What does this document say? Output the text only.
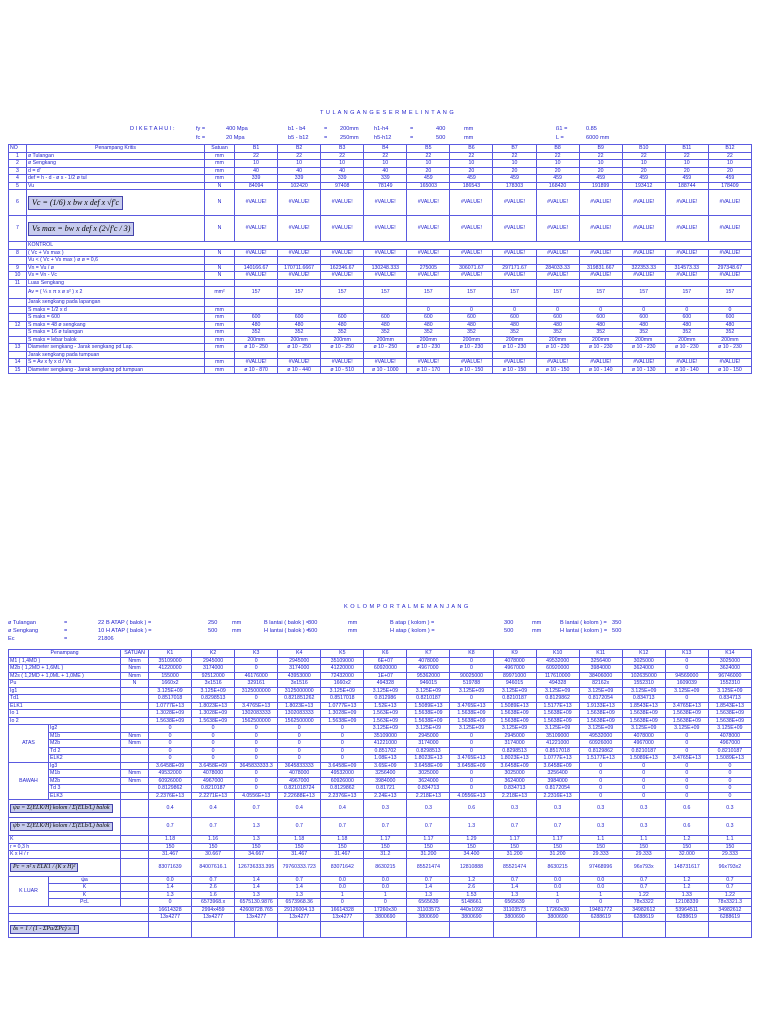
T U L A N G A N G E S E R M E L I N T A N G
D I K E T A H U I :	fy =	400 Mpa	b1 - b4	= 200mm	h1-h4	=	400	mm	ß1 =	0.85
fc =	20 Mpa	b5 - b12	= 250mm	h5-h12	=	500	mm	L =	6000 mm
NO	Penampang Kritis	Satuan	B1	B2	B3	B4	B5	B6	B7	B8	B9	B10	B11	B12
1	ø Tulangan	mm	22	22	22	22	22	22	22	22	22	22	22	22
2	ø Sengkang	mm	10	10	10	10	10	10	10	10	10	10	10	10
3	d = d'	mm	40	40	40	40	20	20	20	20	20	20	20	20
4	def = h - d - ø s - 1/2 ø tul	mm	339	339	339	339	459	459	459	459	459	459	459	459
5	Vu	N	84094	102420	97408	78149	165003	186543	178303	168420	191899	193412	188744	178409
6	Vc = (1/6) x bw x def x √f'c	N	#VALUE!	#VALUE!	#VALUE!	#VALUE!	#VALUE!	#VALUE!	#VALUE!	#VALUE!	#VALUE!	#VALUE!	#VALUE!	#VALUE!
7	Vs max = bw x def x (2√f'c / 3)	N	#VALUE!	#VALUE!	#VALUE!	#VALUE!	#VALUE!	#VALUE!	#VALUE!	#VALUE!	#VALUE!	#VALUE!	#VALUE!	#VALUE!
	KONTROL													
8	( Vc + Vs max )	N	#VALUE!	#VALUE!	#VALUE!	#VALUE!	#VALUE!	#VALUE!	#VALUE!	#VALUE!	#VALUE!	#VALUE!	#VALUE!	#VALUE!
	Vu < ( Vc + Vs max ) ø ø = 0,6													
9	Vn = Vu / ø	N	140166.67	170711.6667	162346.67	130248.333	275005	306071.67	297171.67	284033.33	319831.667	322353.33	314573.33	297348.67
10	Vs = Vn - Vc	N	#VALUE!	#VALUE!	#VALUE!	#VALUE!	#VALUE!	#VALUE!	#VALUE!	#VALUE!	#VALUE!	#VALUE!	#VALUE!	#VALUE!
11	Luas Sengkang													
	Av = ( ¼ x π x ø s² ) x 2	mm²	157	157	157	157	157	157	157	157	157	157	157	157
	Jarak sengkang pada lapangan													
	S maks = 1/2 x d	mm					0	0	0	0	0	0	0	0
	S maks = 600	mm	600	600	600	600	600	600	600	600	600	600	600	600
12	S maks = 48 ø sengkang	mm	480	480	480	480	480	480	480	480	480	480	480	480
	S maks = 16 ø tulangan	mm	352	352	352	352	352	352	352	352	352	352	352	352
	S maks = lebar balok	mm	200mm	200mm	200mm	200mm	200mm	200mm	200mm	200mm	200mm	200mm	200mm	200mm
13	Diameter sengkang - Jarak sengkang pd Lap.	mm	ø 10 - 250	ø 10 - 250	ø 10 - 250	ø 10 - 250	ø 10 - 230	ø 10 - 230	ø 10 - 230	ø 10 - 230	ø 10 - 230	ø 10 - 230	ø 10 - 230	ø 10 - 230
	Jarak sengkang pada tumpuan													
14	S = Av x fy x d / Vs	mm	#VALUE!	#VALUE!	#VALUE!	#VALUE!	#VALUE!	#VALUE!	#VALUE!	#VALUE!	#VALUE!	#VALUE!	#VALUE!	#VALUE!
15	Diameter sengkang - Jarak sengkang pd tumpuan	mm	ø 10 - 870	ø 10 - 440	ø 10 - 510	ø 10 - 1000	ø 10 - 170	ø 10 - 150	ø 10 - 150	ø 10 - 150	ø 10 - 140	ø 10 - 130	ø 10 - 140	ø 10 - 150
K O L O M P O R T A L M E M A N J A N G
ø Tulangan	=	22 B ATAP ( balok ) =	250	mm	B lantai ( balok ) =
300	mm	B atap ( kolom ) =	300	mm	B lantai ( kolom ) = 350
ø Sengkang	=	10 H ATAP ( balok ) =	500	mm	H lantai ( balok ) =
500	mm	H atap ( kolom ) =	500	mm	H lantai ( kolom ) = 500
Ec	=	21806
Penampang		SATUAN	K1	K2	K3	K4	K5	K6	K7	K8	K9	K10	K11	K12	K13	K14
M1 ( 1,4MD )		Nmm	35109000	2945000	0	2945000	35109000	6E+07	4078000	0	4078000	49532000	3256400	3025000	0	3025000
M2b ( 1,2MD + 1,6ML )		Nmm	41220000	3174000	0	3174000	41220000	60920000	4967000	0	4967000	60920000	3984000	3624000	0	3624000
M2s ( 1,2MD + 1,0ML + 1,0ME )		Nmm	155000	92512000	46176000	43953000	72432000	1E+07	95362000	90025000	89971000	117610000	38406000	102635000	94569000	96746000
Pu		N	1660x2	3x1516	329161	3x1516	1660x2	494328	946015	519788	946015	494328	82162x	1552310	1609039	1552310
Ig1			3.125E+09	3.125E+09	3125000000	3125000000	3.125E+09	3.125E+09	3.125E+09	3.125E+09	3.125E+09	3.125E+09	3.125E+09	3.125E+09	3.125E+09	3.125E+09
Td1			0.8517018	0.8298513	0	0.821851262	0.8517018	0.812986	0.8210187	0	0.8210187	0.8129862	0.8172054	0.834713	0	0.834713
ELK1			1.0777E+13	1.8023E+13	3.4765E+13	1.8023E+13	1.0777E+13	1.52E+13	1.5089E+13	3.4765E+13	1.5089E+13	1.5177E+13	1.9133E+13	1.8543E+13	3.4765E+13	1.8543E+13
Io 1			1.3028E+09	1.3028E+09	1302083333	1302083333	1.3028E+09	1.563E+09	1.5638E+09	1.5638E+09	1.5638E+09	1.5638E+09	1.5638E+09	1.5638E+09	1.5638E+09	1.5638E+09
Io 2			1.5638E+09	1.5638E+09	1562500000	1562500000	1.5638E+09	1.563E+09	1.5638E+09	1.5638E+09	1.5638E+09	1.5638E+09	1.5638E+09	1.5638E+09	1.5638E+09	1.5638E+09
ATAS	Ig2		0	0	0	0	0	3.125E+09	3.125E+09	3.125E+09	3.125E+09	3.125E+09	3.125E+09	3.125E+09	3.125E+09	3.125E+09
	M1b	Nmm	0	0	0	0	0	35109000	2945000	0	2945000	35109000	49532000	4078000	0	4078000
	M2b	Nmm	0	0	0	0	0	41221000	3174000	0	3174000	41221000	60926000	4967000	0	4967000
	Td 2		0	0	0	0	0	0.851702	0.8298513	0	0.8298513	0.8517018	0.8129862	0.8210187	0	0.8210187
	ELK2		0	0	0	0	0	1.08E+13	1.8023E+13	3.4765E+13	1.8023E+13	1.0777E+13	1.5177E+13	1.5089E+13	3.4765E+13	1.5089E+13
BAWAH	Ig3		3.6458E+09	3.6458E+09	3645833333.3	3645833333	3.6458E+09	3.65E+09	3.6458E+09	3.6458E+09	3.6458E+09	3.6458E+09	0	0	0	0
	M1b	Nmm	49532000	4078000	0	4078000	49532000	3256400	3025000	0	3025000	3256400	0	0	0	0
	M2b	Nmm	60926000	4967000	0	4967000	60926000	3984000	3624000	0	3624000	3984000	0	0	0	0
	Td 3		0.8129862	0.8210187	0	0.821018724	0.8129862	0.81721	0.834713	0	0.834713	0.8172054	0	0	0	0
	ELK3		2.2376E+13	2.2271E+13	4.0556E+13	2.22688E+13	2.2376E+13	2.24E+13	2.218E+13	4.0556E+13	2.218E+13	2.2316E+13	0	0	0	0
ψa = Σ(ELK/H) kolom / Σ(ELb/L) balok			0.4	0.4	0.7	0.4	0.4	0.3	0.3	0.6	0.3	0.3	0.3	0.3	0.6	0.3
ψb = Σ(ELK/H) kolom / Σ(ELb/L) balok			0.7	0.7	1.3	0.7	0.7	0.7	0.7	1.3	0.7	0.7	0.3	0.3	0.6	0.3
K			1.18	1.16	1.3	1.18	1.18	1.17	1.17	1.29	1.17	1.17	1.1	1.1	1.2	1.1
r = 0,3 h			150	150	150	150	150	150	150	150	150	150	150	150	150	150
K x H / r			31.467	30.667	34.667	31.467	31.467	31.2	31.200	34.400	31.200	31.200	29.333	29.333	32.000	29.333
Pc = π² x ELK1 / (K x H)²			83071639	84007616.1	126736333.395	79760333.723	83071642	8630215	85521474	12810888	85521474	8630215	97468996	96x793x	148731617	96x793x2
K LUAR	ψa		0.0	0.7	1.4	0.7	0.0	0.0	0.7	1.2	0.7	0.0	0.0	0.7	1.2	0.7
	K		1.4	2.6	1.4	1.4	0.0	0.0	1.4	2.6	1.4	0.0	0.0	0.7	1.2	0.7
	K		1.3	1.6	1.3	1.3	1	1	1.3	1.53	1.3	1	1	1.22	1.33	1.22
	PcL		0	6573968.x	6575130.9876	6573968.36	0	0	6565639	5148661	6565639	0	0	78x3322	12108339	78x3321.3
			16614328	2994x459	42608728.765	29126004.13	16614328	17260x30	31103573	440x1092	31103573	17260x30	19481772	34982612	53964511	34982612
			13x4277	13x4277	13x4277	13x4277	13x4277	3800690	3800690	3800690	3800690	3800690	6288619	6288619	6288619	6288619
δs = 1 / (1 - ΣPu/ΣPc) ≥ 1																
